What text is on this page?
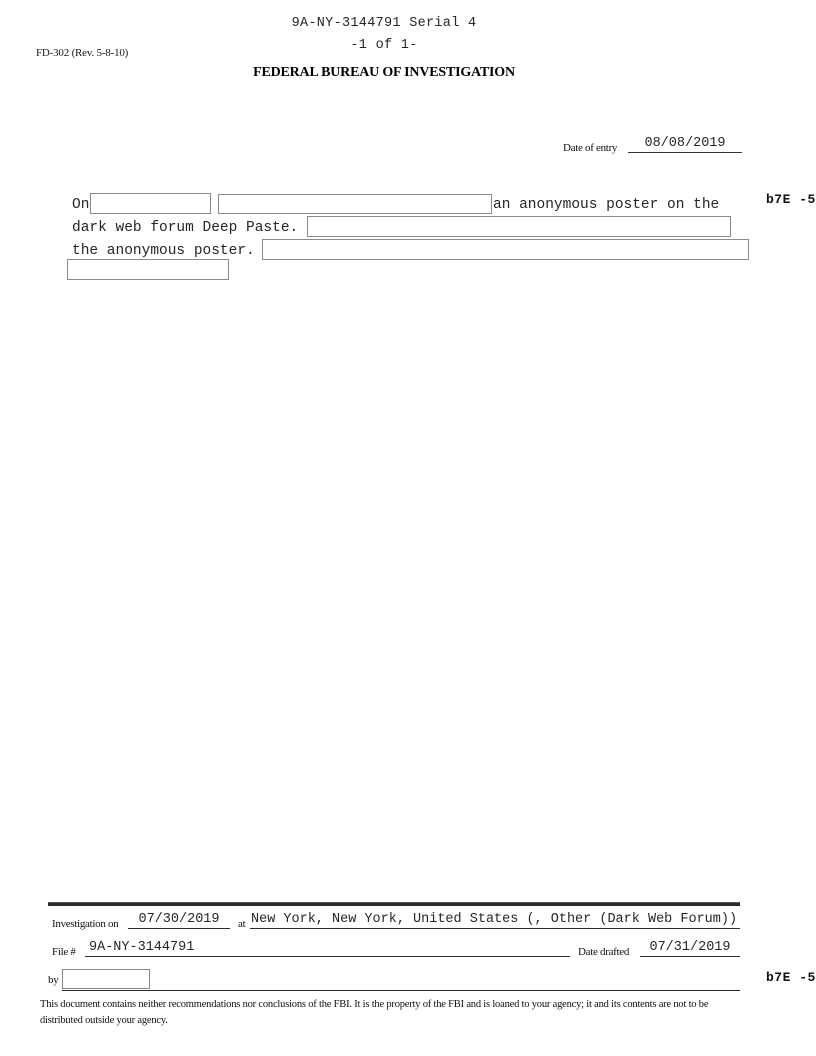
9A-NY-3144791 Serial 4
-1 of 1-
FD-302 (Rev. 5-8-10)
FEDERAL BUREAU OF INVESTIGATION
Date of entry	08/08/2019
On	an anonymous poster on the	b7E -5
dark web forum Deep Paste.
the anonymous poster.
Investigation on	07/30/2019	at New York, New York, United States (, Other (Dark Web Forum))
File # 9A-NY-3144791	Date drafted	07/31/2019
by	b7E -5
This document contains neither recommendations nor conclusions of the FBI. It is the property of the FBI and is loaned to your agency; it and its contents are not to be distributed outside your agency.
